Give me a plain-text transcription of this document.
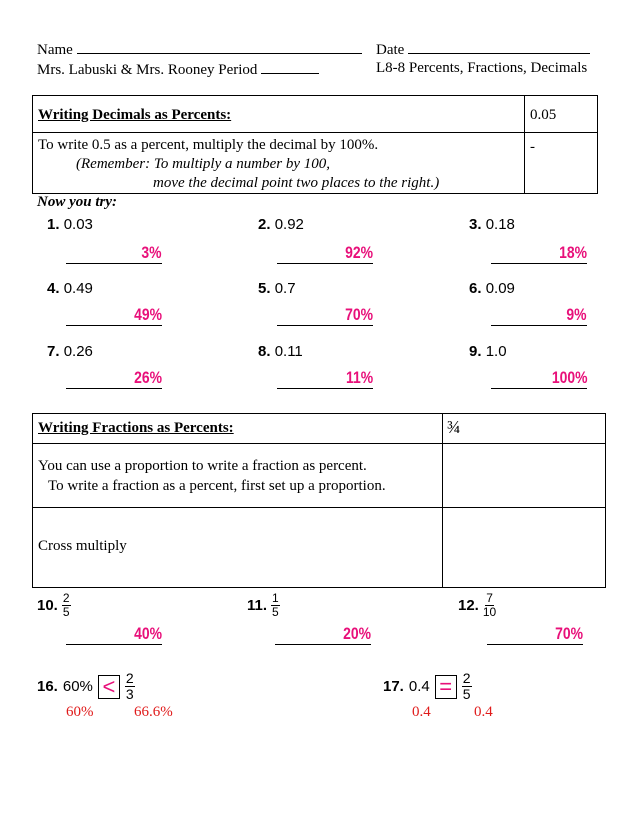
Name	Date
Mrs. Labuski & Mrs. Rooney Period	L8-8 Percents, Fractions, Decimals
Writing Decimals as Percents:	0.05

To write 0.5 as a percent, multiply the decimal by 100%.
(Remember: To multiply a number by 100,
move the decimal point two places to the right.)	-
Now you try:
1. 0.03
3%
2. 0.92
92%
3. 0.18
18%
4. 0.49
49%
5. 0.7
70%
6. 0.09
9%
7. 0.26
26%
8. 0.11
11%
9. 1.0
100%
Writing Fractions as Percents:	¾

You can use a proportion to write a fraction as percent.
To write a fraction as a percent, first set up a proportion.	

Cross multiply	
10. $\frac{2}{5}$
40%
11. $\frac{1}{5}$
20%
12. $\frac{7}{10}$
70%
16. $60\% < \frac{2}{3}$
60%	66.6%
17. $0.4 = \frac{2}{5}$
0.4	0.4
